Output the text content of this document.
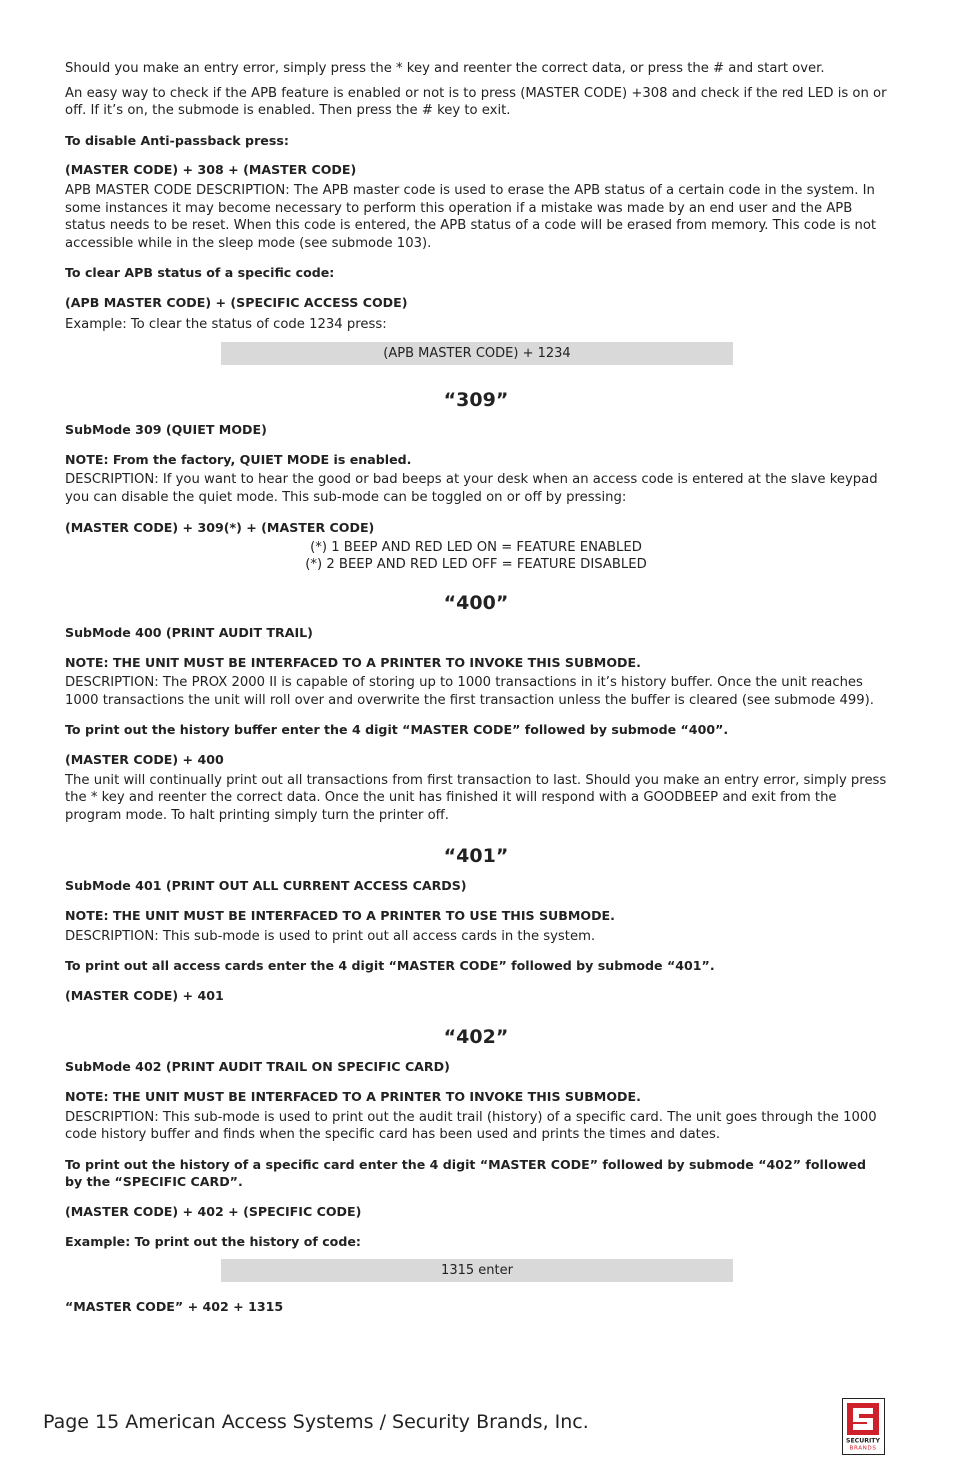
Should you make an entry error, simply press the * key and reenter the correct data, or press the # and start over.

An easy way to check if the APB feature is enabled or not is to press (MASTER CODE) +308 and check if the red LED is on or off. If it’s on, the submode is enabled. Then press the # key to exit.

To disable Anti-passback press:

(MASTER CODE) + 308 + (MASTER CODE)

APB MASTER CODE DESCRIPTION: The APB master code is used to erase the APB status of a certain code in the system. In some instances it may become necessary to perform this operation if a mistake was made by an end user and the APB status needs to be reset. When this code is entered, the APB status of a code will be erased from memory. This code is not accessible while in the sleep mode (see submode 103).

To clear APB status of a specific code:

(APB MASTER CODE) + (SPECIFIC ACCESS CODE)

Example: To clear the status of code 1234 press:

(APB MASTER CODE) + 1234
“309”

SubMode 309 (QUIET MODE)

NOTE: From the factory, QUIET MODE is enabled.

DESCRIPTION: If you want to hear the good or bad beeps at your desk when an access code is entered at the slave keypad you can disable the quiet mode. This sub-mode can be toggled on or off by pressing:

(MASTER CODE) + 309(*) + (MASTER CODE)

(*) 1 BEEP AND RED LED ON = FEATURE ENABLED

(*) 2 BEEP AND RED LED OFF = FEATURE DISABLED

“400”

SubMode 400 (PRINT AUDIT TRAIL)

NOTE: THE UNIT MUST BE INTERFACED TO A PRINTER TO INVOKE THIS SUBMODE.

DESCRIPTION: The PROX 2000 II is capable of storing up to 1000 transactions in it’s history buffer. Once the unit reaches 1000 transactions the unit will roll over and overwrite the first transaction unless the buffer is cleared (see submode 499).

To print out the history buffer enter the 4 digit “MASTER CODE” followed by submode “400”.

(MASTER CODE) + 400

The unit will continually print out all transactions from first transaction to last. Should you make an entry error, simply press the * key and reenter the correct data. Once the unit has finished it will respond with a GOODBEEP and exit from the program mode. To halt printing simply turn the printer off.

“401”

SubMode 401 (PRINT OUT ALL CURRENT ACCESS CARDS)

NOTE: THE UNIT MUST BE INTERFACED TO A PRINTER TO USE THIS SUBMODE.

DESCRIPTION: This sub-mode is used to print out all access cards in the system.

To print out all access cards enter the 4 digit “MASTER CODE” followed by submode “401”.

(MASTER CODE) + 401

“402”

SubMode 402 (PRINT AUDIT TRAIL ON SPECIFIC CARD)

NOTE: THE UNIT MUST BE INTERFACED TO A PRINTER TO INVOKE THIS SUBMODE.

DESCRIPTION: This sub-mode is used to print out the audit trail (history) of a specific card. The unit goes through the 1000 code history buffer and finds when the specific card has been used and prints the times and dates.

To print out the history of a specific card enter the 4 digit “MASTER CODE” followed by submode “402” followed by the “SPECIFIC CARD”.

(MASTER CODE) + 402 + (SPECIFIC CODE)

Example: To print out the history of code:

1315 enter

“MASTER CODE” + 402 + 1315

Page 15 American Access Systems / Security Brands, Inc.
SECURITY
BRANDS
